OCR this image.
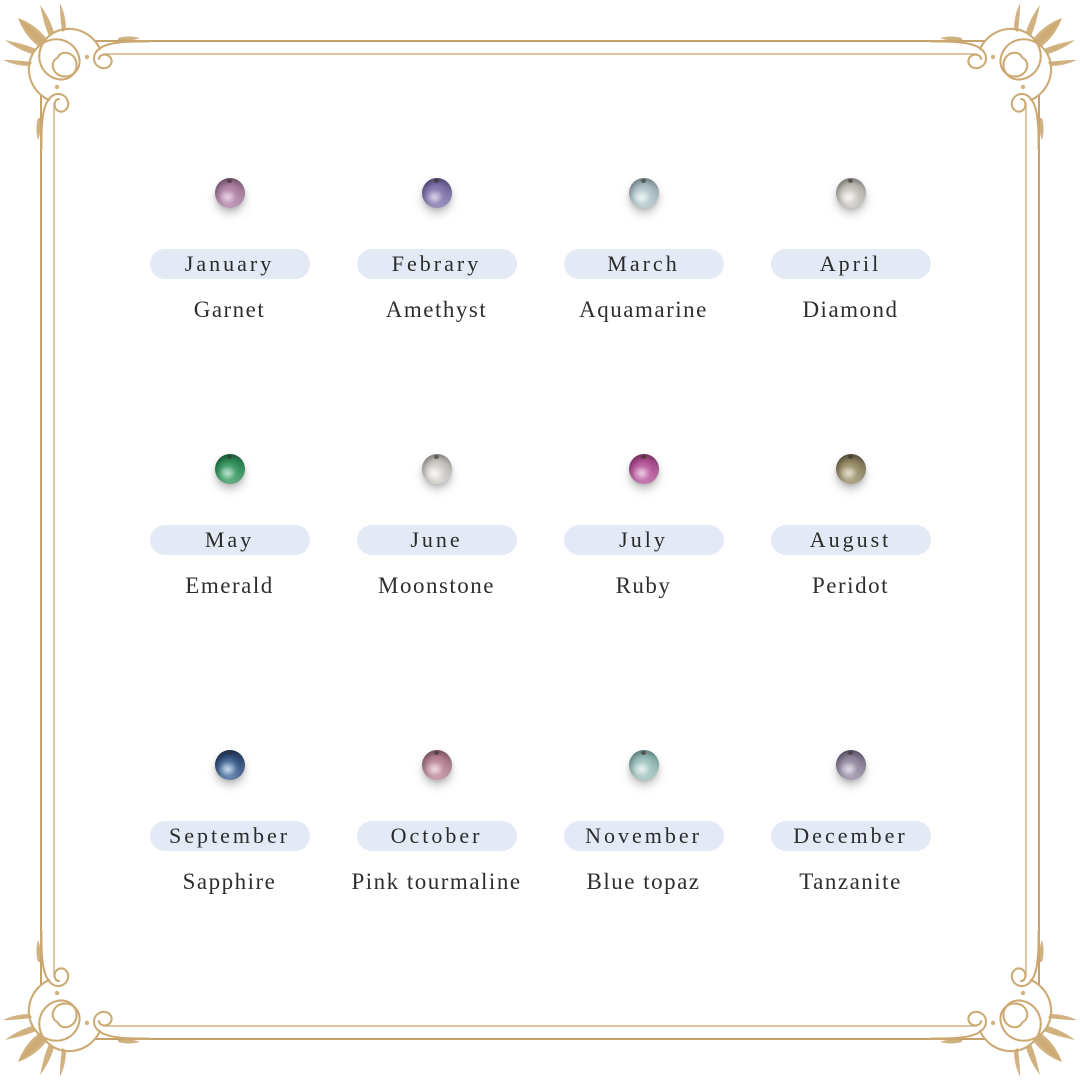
January
Garnet
Febrary
Amethyst
March
Aquamarine
April
Diamond
May
Emerald
June
Moonstone
July
Ruby
August
Peridot
September
Sapphire
October
Pink tourmaline
November
Blue topaz
December
Tanzanite
